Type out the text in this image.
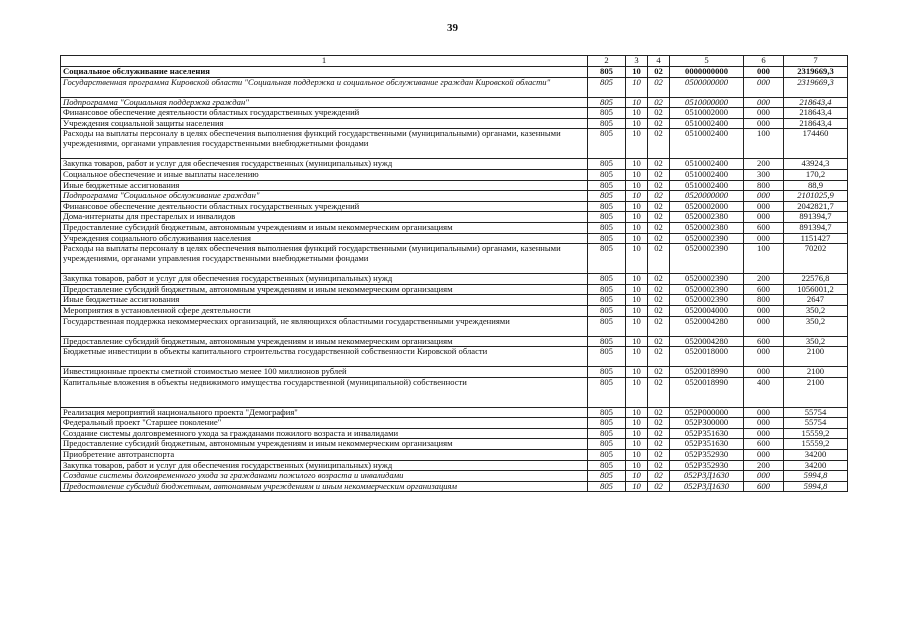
39
1	2	3	4	5	6	7
Социальное обслуживание населения	805	10	02	0000000000	000	2319669,3
Государственная программа Кировской области "Социальная поддержка и социальное обслуживание граждан Кировской области"	805	10	02	0500000000	000	2319669,3
Подпрограмма "Социальная поддержка граждан"	805	10	02	0510000000	000	218643,4
Финансовое обеспечение деятельности областных государственных учреждений	805	10	02	0510002000	000	218643,4
Учреждения социальной защиты населения	805	10	02	0510002400	000	218643,4
Расходы на выплаты персоналу в целях обеспечения выполнения функций государственными (муниципальными) органами, казенными учреждениями, органами управления государственными внебюджетными фондами	805	10	02	0510002400	100	174460
Закупка товаров, работ и услуг для обеспечения государственных (муниципальных) нужд	805	10	02	0510002400	200	43924,3
Социальное обеспечение и иные выплаты населению	805	10	02	0510002400	300	170,2
Иные бюджетные ассигнования	805	10	02	0510002400	800	88,9
Подпрограмма "Социальное обслуживание граждан"	805	10	02	0520000000	000	2101025,9
Финансовое обеспечение деятельности областных государственных учреждений	805	10	02	0520002000	000	2042821,7
Дома-интернаты для престарелых и инвалидов	805	10	02	0520002380	000	891394,7
Предоставление субсидий бюджетным, автономным учреждениям и иным некоммерческим организациям	805	10	02	0520002380	600	891394,7
Учреждения социального обслуживания населения	805	10	02	0520002390	000	1151427
Расходы на выплаты персоналу в целях обеспечения выполнения функций государственными (муниципальными) органами, казенными учреждениями, органами управления государственными внебюджетными фондами	805	10	02	0520002390	100	70202
Закупка товаров, работ и услуг для обеспечения государственных (муниципальных) нужд	805	10	02	0520002390	200	22576,8
Предоставление субсидий бюджетным, автономным учреждениям и иным некоммерческим организациям	805	10	02	0520002390	600	1056001,2
Иные бюджетные ассигнования	805	10	02	0520002390	800	2647
Мероприятия в установленной сфере деятельности	805	10	02	0520004000	000	350,2
Государственная поддержка некоммерческих организаций, не являющихся областными государственными учреждениями	805	10	02	0520004280	000	350,2
Предоставление субсидий бюджетным, автономным учреждениям и иным некоммерческим организациям	805	10	02	0520004280	600	350,2
Бюджетные инвестиции в объекты капитального строительства государственной собственности Кировской области	805	10	02	0520018000	000	2100
Инвестиционные проекты сметной стоимостью менее 100 миллионов рублей	805	10	02	0520018990	000	2100
Капитальные вложения в объекты недвижимого имущества государственной (муниципальной) собственности	805	10	02	0520018990	400	2100
Реализация мероприятий национального проекта "Демография"	805	10	02	052P000000	000	55754
Федеральный проект "Старшее поколение"	805	10	02	052P300000	000	55754
Создание системы долговременного ухода за гражданами пожилого возраста и инвалидами	805	10	02	052P351630	000	15559,2
Предоставление субсидий бюджетным, автономным учреждениям и иным некоммерческим организациям	805	10	02	052P351630	600	15559,2
Приобретение автотранспорта	805	10	02	052P352930	000	34200
Закупка товаров, работ и услуг для обеспечения государственных (муниципальных) нужд	805	10	02	052P352930	200	34200
Создание системы долговременного ухода за гражданами пожилого возраста и инвалидами	805	10	02	052P3Д1630	000	5994,8
Предоставление субсидий бюджетным, автономным учреждениям и иным некоммерческим организациям	805	10	02	052P3Д1630	600	5994,8
